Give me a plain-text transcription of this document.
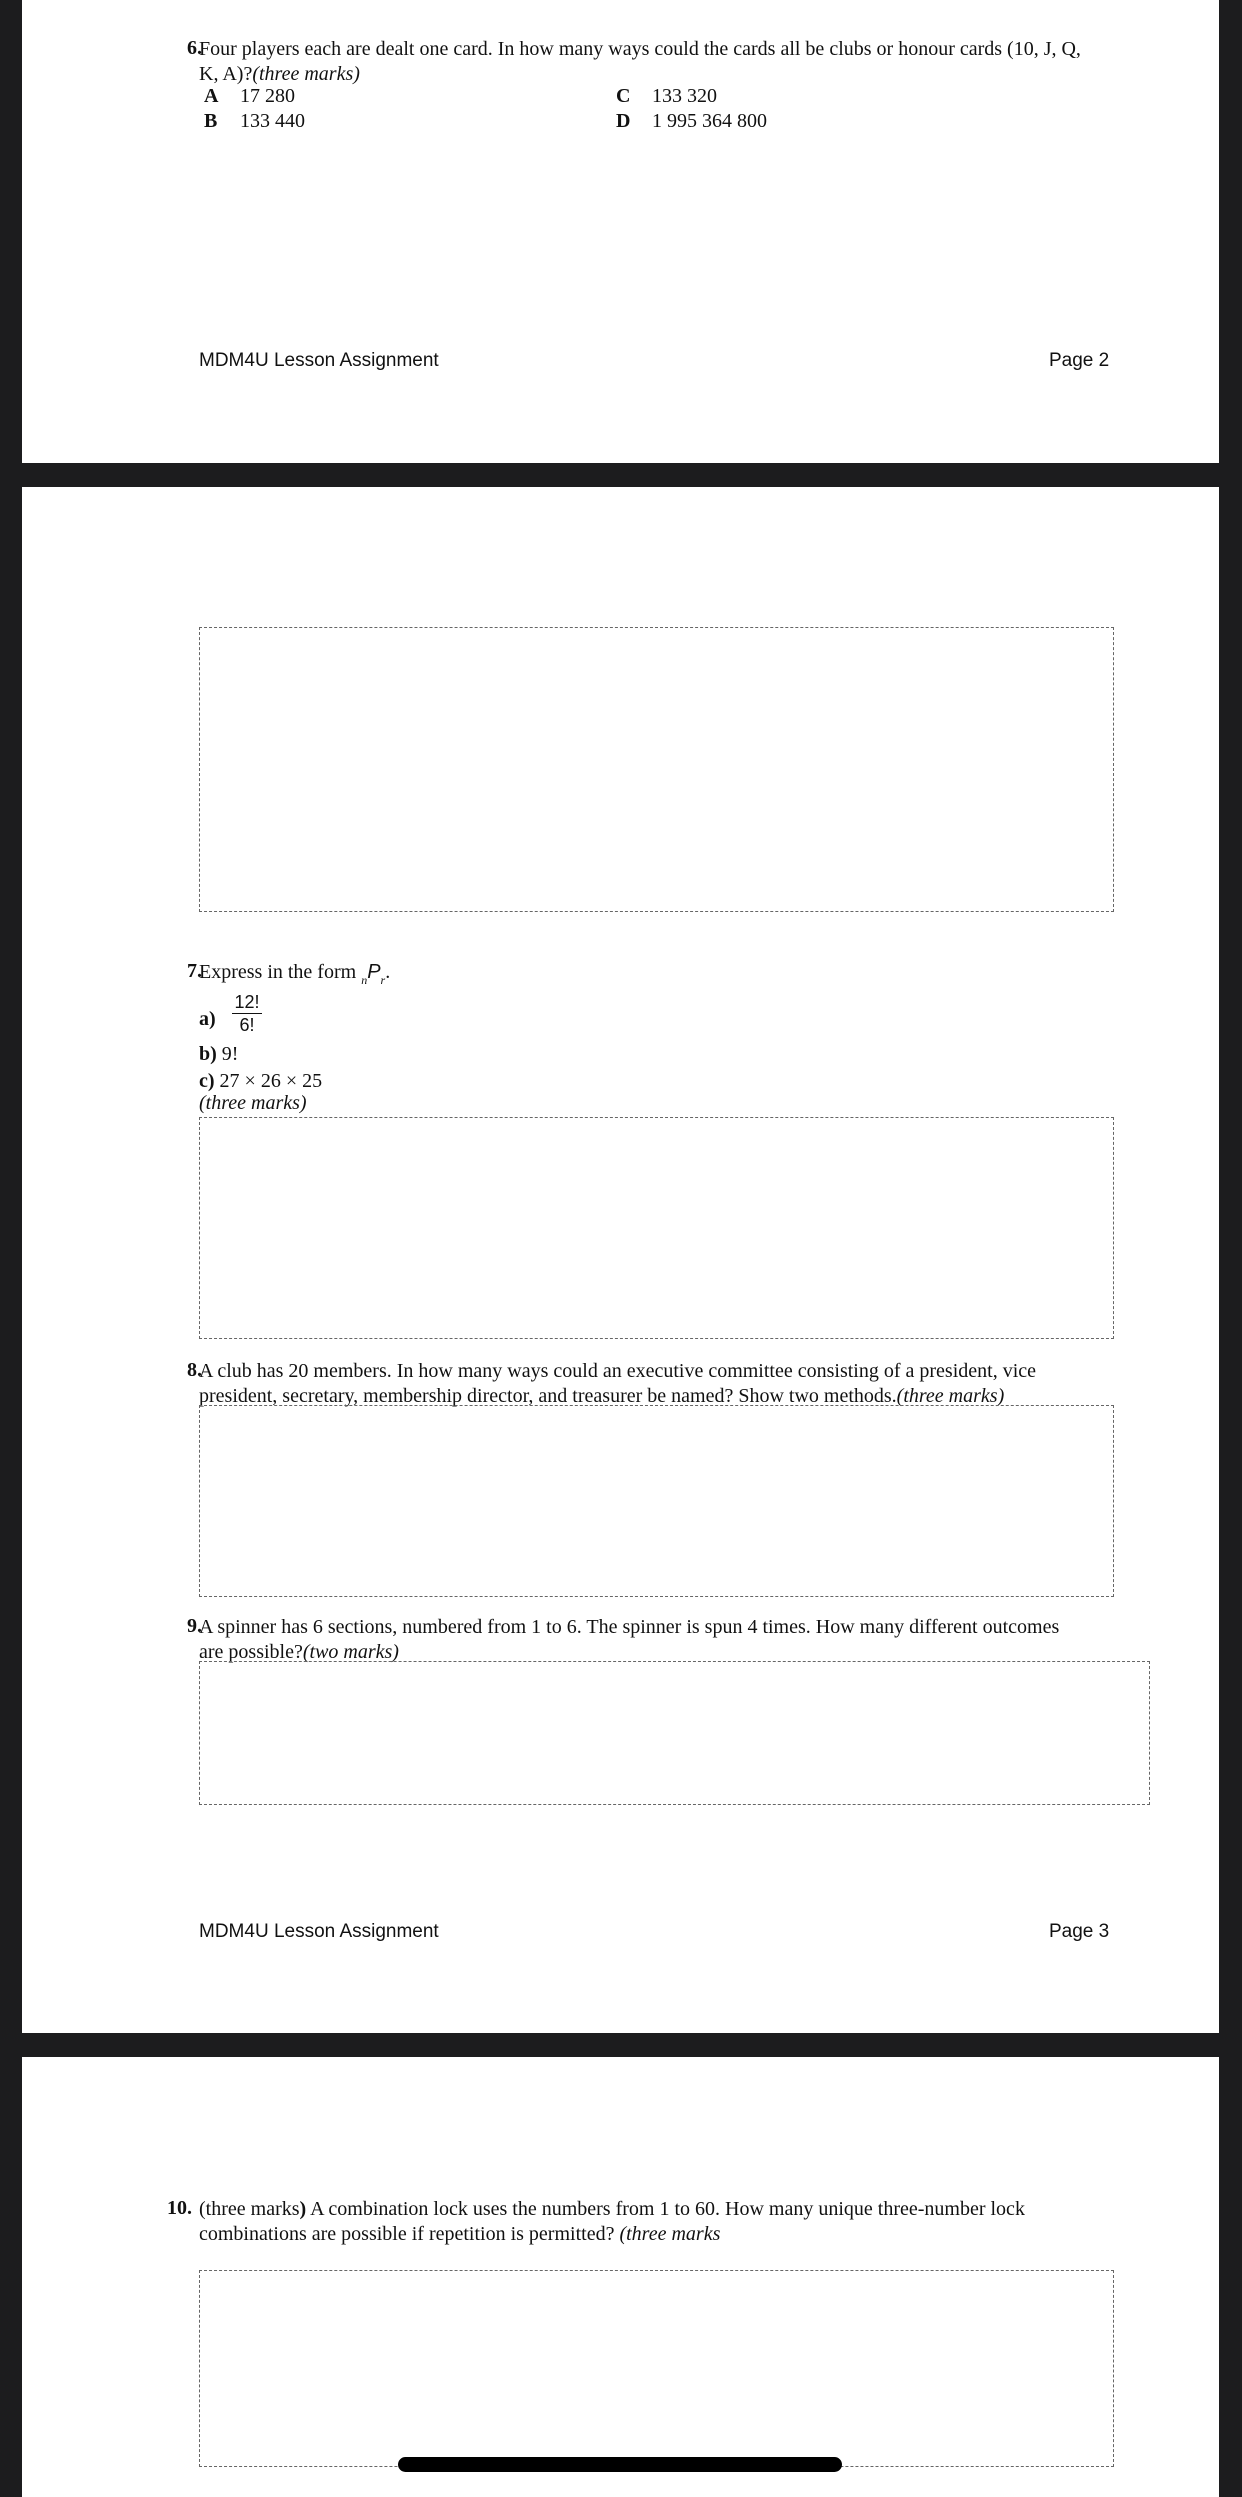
6.
Four players each are dealt one card. In how many ways could the cards all be clubs or honour cards (10, J, Q,
K, A)?(three marks)
A 17 280	C 133 320
B 133 440	D 1 995 364 800
MDM4U Lesson Assignment	Page 2
7.
Express in the form $_nP_r$.
$a) \frac{12!}{6!}$
b) 9!
c) 27 × 26 × 25
(three marks)
8.
A club has 20 members. In how many ways could an executive committee consisting of a president, vice
president, secretary, membership director, and treasurer be named? Show two methods.(three marks)
9.
A spinner has 6 sections, numbered from 1 to 6. The spinner is spun 4 times. How many different outcomes
are possible?(two marks)
MDM4U Lesson Assignment	Page 3
10. (three marks) A combination lock uses the numbers from 1 to 60. How many unique three-number lock
combinations are possible if repetition is permitted? (three marks
